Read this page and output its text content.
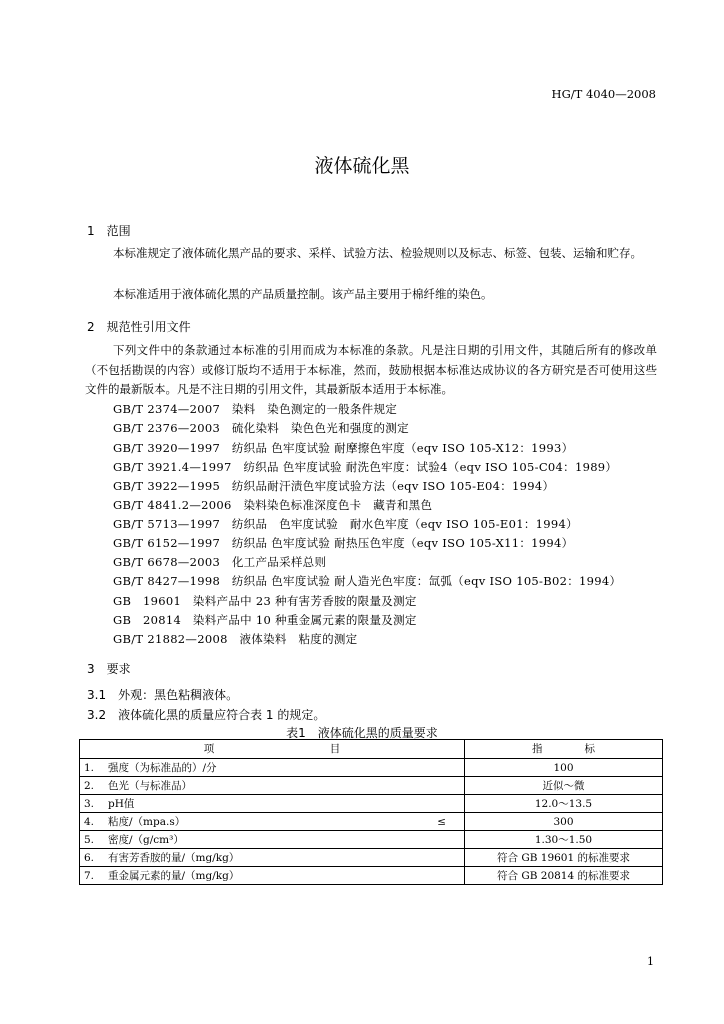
HG/T 4040—2008
液体硫化黑
1　范围
本标准规定了液体硫化黑产品的要求、采样、试验方法、检验规则以及标志、标签、包装、运输和贮存。
本标准适用于液体硫化黑的产品质量控制。该产品主要用于棉纤维的染色。
2　规范性引用文件
下列文件中的条款通过本标准的引用而成为本标准的条款。凡是注日期的引用文件，其随后所有的修改单（不包括勘误的内容）或修订版均不适用于本标准，然而，鼓励根据本标准达成协议的各方研究是否可使用这些文件的最新版本。凡是不注日期的引用文件，其最新版本适用于本标准。
GB/T 2374—2007　染料　染色测定的一般条件规定
GB/T 2376—2003　硫化染料　染色色光和强度的测定
GB/T 3920—1997　纺织品 色牢度试验 耐摩擦色牢度（eqv ISO 105-X12：1993）
GB/T 3921.4—1997　纺织品 色牢度试验 耐洗色牢度：试验4（eqv ISO 105-C04：1989）
GB/T 3922—1995　纺织品耐汗渍色牢度试验方法（eqv ISO 105-E04：1994）
GB/T 4841.2—2006　染料染色标准深度色卡　藏青和黑色
GB/T 5713—1997　纺织品　色牢度试验　耐水色牢度（eqv ISO 105-E01：1994）
GB/T 6152—1997　纺织品 色牢度试验 耐热压色牢度（eqv ISO 105-X11：1994）
GB/T 6678—2003　化工产品采样总则
GB/T 8427—1998　纺织品 色牢度试验 耐人造光色牢度：氙弧（eqv ISO 105-B02：1994）
GB　19601　染料产品中 23 种有害芳香胺的限量及测定
GB　20814　染料产品中 10 种重金属元素的限量及测定
GB/T 21882—2008　液体染料　粘度的测定
3　要求
3.1　外观：黑色粘稠液体。
3.2　液体硫化黑的质量应符合表 1 的规定。
表1　液体硫化黑的质量要求
项　　　　　　　　　　　目	指　　　　标
1. 强度（为标准品的）/分	100
2. 色光（与标准品）	近似～微
3. pH值	12.0～13.5
4. 粘度/（mpa.s） ≤	300
5. 密度/（g/cm³）	1.30～1.50
6. 有害芳香胺的量/（mg/kg）	符合 GB 19601 的标准要求
7. 重金属元素的量/（mg/kg）	符合 GB 20814 的标准要求
1
